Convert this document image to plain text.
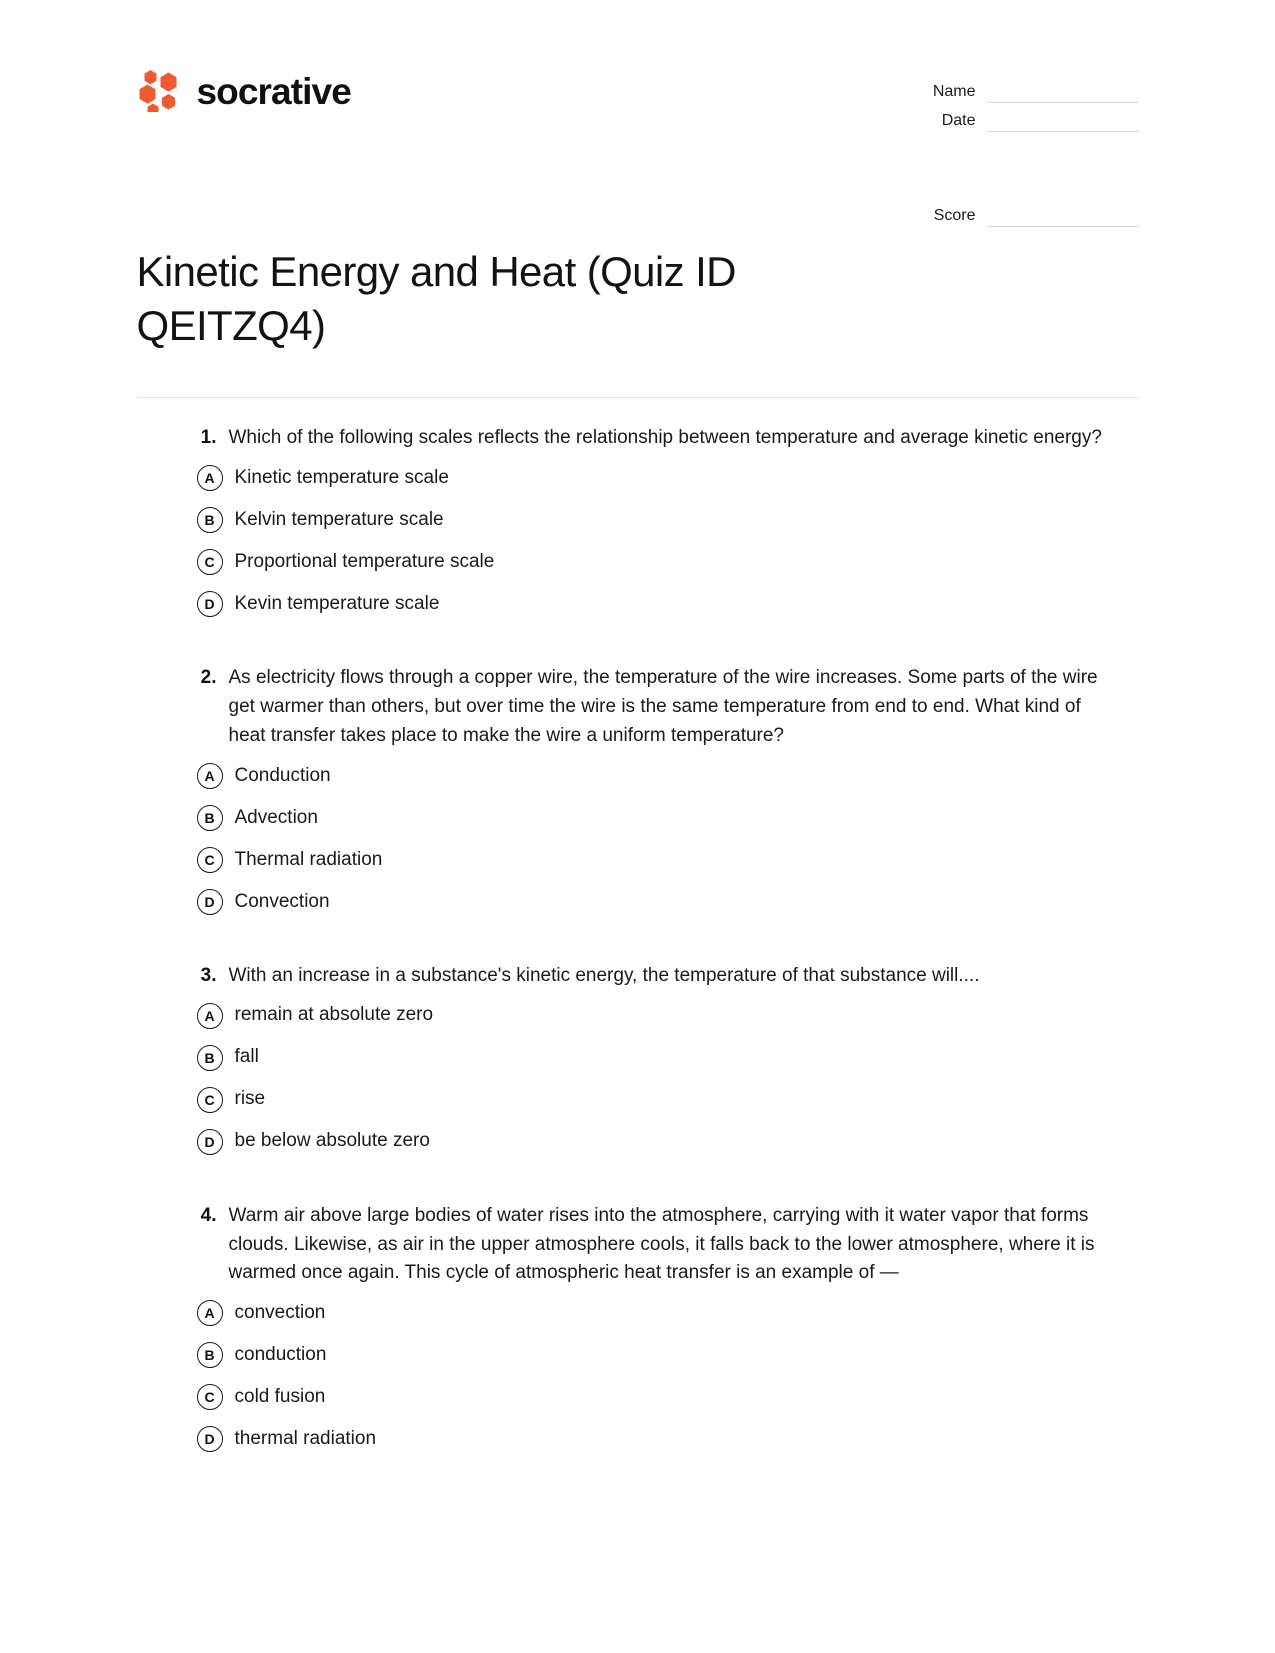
socrative	Name
Date
Score
Kinetic Energy and Heat (Quiz ID QEITZQ4)
1. Which of the following scales reflects the relationship between temperature and average kinetic energy?
A	Kinetic temperature scale
B	Kelvin temperature scale
C	Proportional temperature scale
D	Kevin temperature scale
2. As electricity flows through a copper wire, the temperature of the wire increases. Some parts of the wire get warmer than others, but over time the wire is the same temperature from end to end. What kind of heat transfer takes place to make the wire a uniform temperature?
A	Conduction
B	Advection
C	Thermal radiation
D	Convection
3. With an increase in a substance's kinetic energy, the temperature of that substance will....
A	remain at absolute zero
B	fall
C	rise
D	be below absolute zero
4. Warm air above large bodies of water rises into the atmosphere, carrying with it water vapor that forms clouds. Likewise, as air in the upper atmosphere cools, it falls back to the lower atmosphere, where it is warmed once again. This cycle of atmospheric heat transfer is an example of —
A	convection
B	conduction
C	cold fusion
D	thermal radiation
